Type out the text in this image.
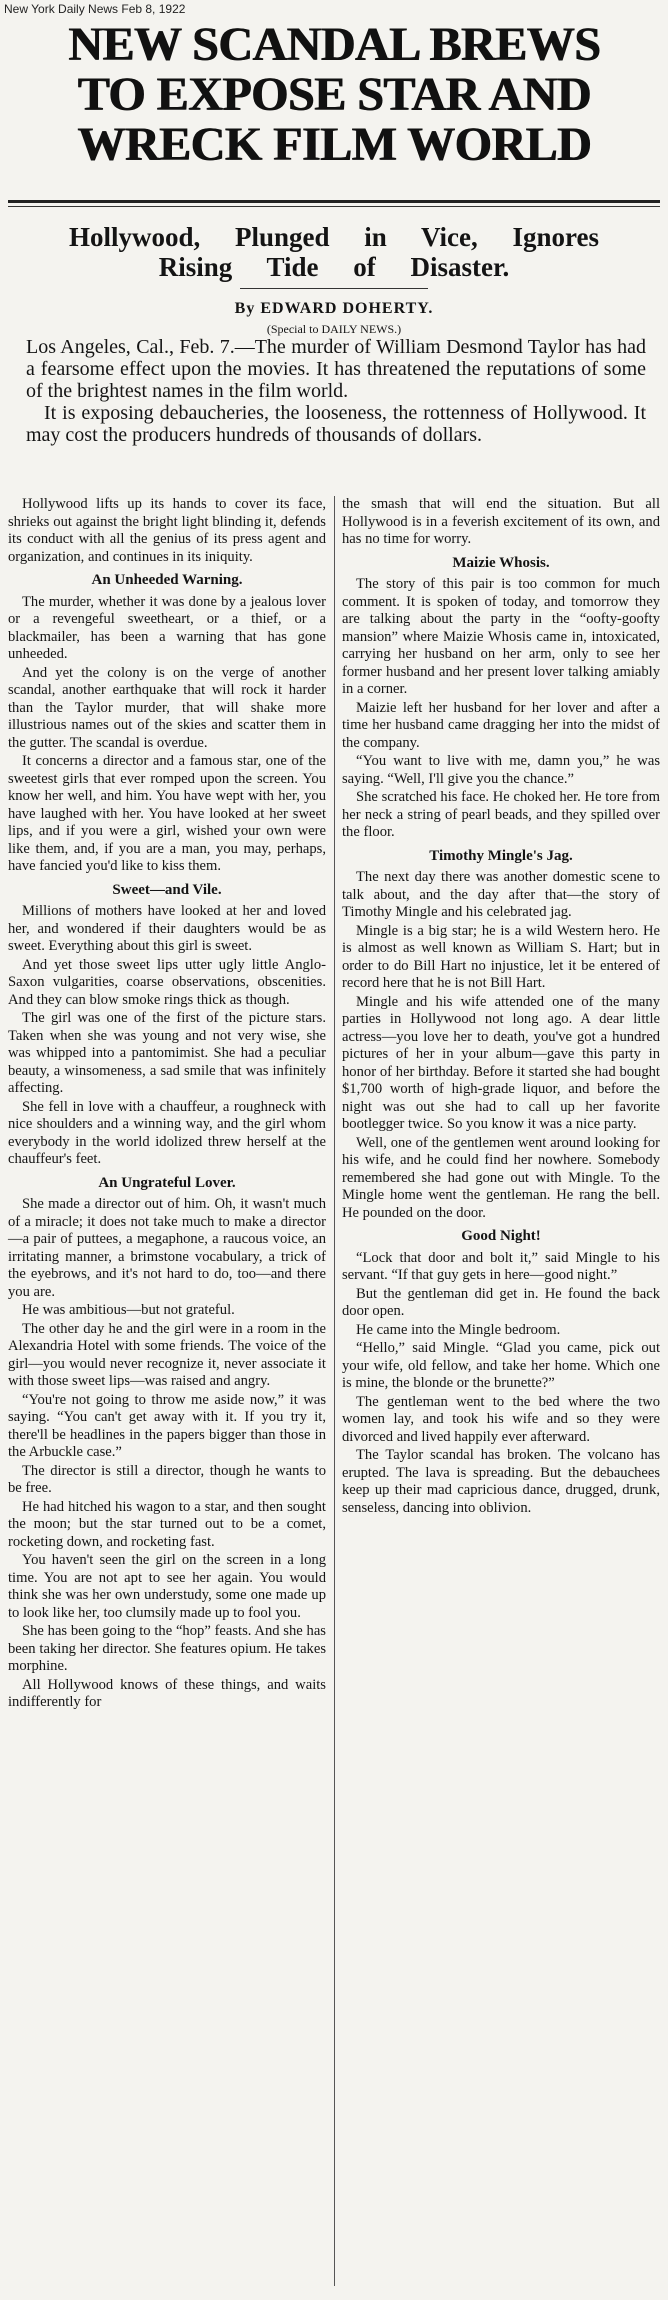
New York Daily News Feb 8, 1922
NEW SCANDAL BREWS
TO EXPOSE STAR AND
WRECK FILM WORLD
Hollywood, Plunged in Vice, Ignores
Rising Tide of Disaster.
By EDWARD DOHERTY.
(Special to DAILY NEWS.)

Los Angeles, Cal., Feb. 7.—The murder of William Desmond Taylor has had a fearsome effect upon the movies. It has threatened the reputations of some of the brightest names in the film world.

It is exposing debaucheries, the looseness, the rottenness of Hollywood. It may cost the producers hundreds of thousands of dollars.

Hollywood lifts up its hands to cover its face, shrieks out against the bright light blinding it, defends its conduct with all the genius of its press agent and organization, and continues in its iniquity.

An Unheeded Warning.

The murder, whether it was done by a jealous lover or a revengeful sweetheart, or a thief, or a blackmailer, has been a warning that has gone unheeded.

And yet the colony is on the verge of another scandal, another earthquake that will rock it harder than the Taylor murder, that will shake more illustrious names out of the skies and scatter them in the gutter. The scandal is overdue.

It concerns a director and a famous star, one of the sweetest girls that ever romped upon the screen. You know her well, and him. You have wept with her, you have laughed with her. You have looked at her sweet lips, and if you were a girl, wished your own were like them, and, if you are a man, you may, perhaps, have fancied you'd like to kiss them.

Sweet—and Vile.

Millions of mothers have looked at her and loved her, and wondered if their daughters would be as sweet. Everything about this girl is sweet.

And yet those sweet lips utter ugly little Anglo-Saxon vulgarities, coarse observations, obscenities. And they can blow smoke rings thick as though.

The girl was one of the first of the picture stars. Taken when she was young and not very wise, she was whipped into a pantomimist. She had a peculiar beauty, a winsomeness, a sad smile that was infinitely affecting.

She fell in love with a chauffeur, a roughneck with nice shoulders and a winning way, and the girl whom everybody in the world idolized threw herself at the chauffeur's feet.

An Ungrateful Lover.

She made a director out of him. Oh, it wasn't much of a miracle; it does not take much to make a director—a pair of puttees, a megaphone, a raucous voice, an irritating manner, a brimstone vocabulary, a trick of the eyebrows, and it's not hard to do, too—and there you are.

He was ambitious—but not grateful.

The other day he and the girl were in a room in the Alexandria Hotel with some friends. The voice of the girl—you would never recognize it, never associate it with those sweet lips—was raised and angry.

“You're not going to throw me aside now,” it was saying. “You can't get away with it. If you try it, there'll be headlines in the papers bigger than those in the Arbuckle case.”

The director is still a director, though he wants to be free.

He had hitched his wagon to a star, and then sought the moon; but the star turned out to be a comet, rocketing down, and rocketing fast.

You haven't seen the girl on the screen in a long time. You are not apt to see her again. You would think she was her own understudy, some one made up to look like her, too clumsily made up to fool you.

She has been going to the “hop” feasts. And she has been taking her director. She features opium. He takes morphine.

All Hollywood knows of these things, and waits indifferently for

the smash that will end the situation. But all Hollywood is in a feverish excitement of its own, and has no time for worry.

Maizie Whosis.

The story of this pair is too common for much comment. It is spoken of today, and tomorrow they are talking about the party in the “oofty-goofty mansion” where Maizie Whosis came in, intoxicated, carrying her husband on her arm, only to see her former husband and her present lover talking amiably in a corner.

Maizie left her husband for her lover and after a time her husband came dragging her into the midst of the company.

“You want to live with me, damn you,” he was saying. “Well, I'll give you the chance.”

She scratched his face. He choked her. He tore from her neck a string of pearl beads, and they spilled over the floor.

Timothy Mingle's Jag.

The next day there was another domestic scene to talk about, and the day after that—the story of Timothy Mingle and his celebrated jag.

Mingle is a big star; he is a wild Western hero. He is almost as well known as William S. Hart; but in order to do Bill Hart no injustice, let it be entered of record here that he is not Bill Hart.

Mingle and his wife attended one of the many parties in Hollywood not long ago. A dear little actress—you love her to death, you've got a hundred pictures of her in your album—gave this party in honor of her birthday. Before it started she had bought $1,700 worth of high-grade liquor, and before the night was out she had to call up her favorite bootlegger twice. So you know it was a nice party.

Well, one of the gentlemen went around looking for his wife, and he could find her nowhere. Somebody remembered she had gone out with Mingle. To the Mingle home went the gentleman. He rang the bell. He pounded on the door.

Good Night!

“Lock that door and bolt it,” said Mingle to his servant. “If that guy gets in here—good night.”

But the gentleman did get in. He found the back door open.

He came into the Mingle bedroom.

“Hello,” said Mingle. “Glad you came, pick out your wife, old fellow, and take her home. Which one is mine, the blonde or the brunette?”

The gentleman went to the bed where the two women lay, and took his wife and so they were divorced and lived happily ever afterward.

The Taylor scandal has broken. The volcano has erupted. The lava is spreading. But the debauchees keep up their mad capricious dance, drugged, drunk, senseless, dancing into oblivion.
